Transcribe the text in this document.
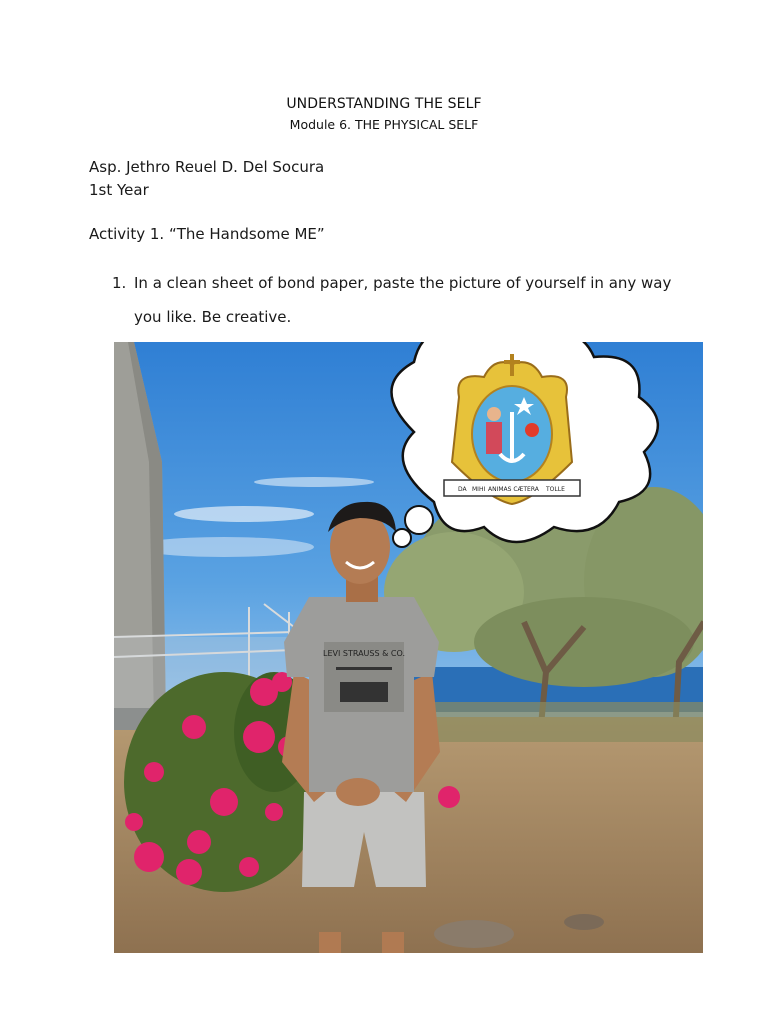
UNDERSTANDING THE SELF
Module 6. THE PHYSICAL SELF
Asp. Jethro Reuel D. Del Socura
1st Year
Activity 1. “The Handsome ME”
1. In a clean sheet of bond paper, paste the picture of yourself in any way you like. Be creative.
LEVI STRAUSS & CO.
DA MIHI ANIMAS CÆTERA TOLLE
